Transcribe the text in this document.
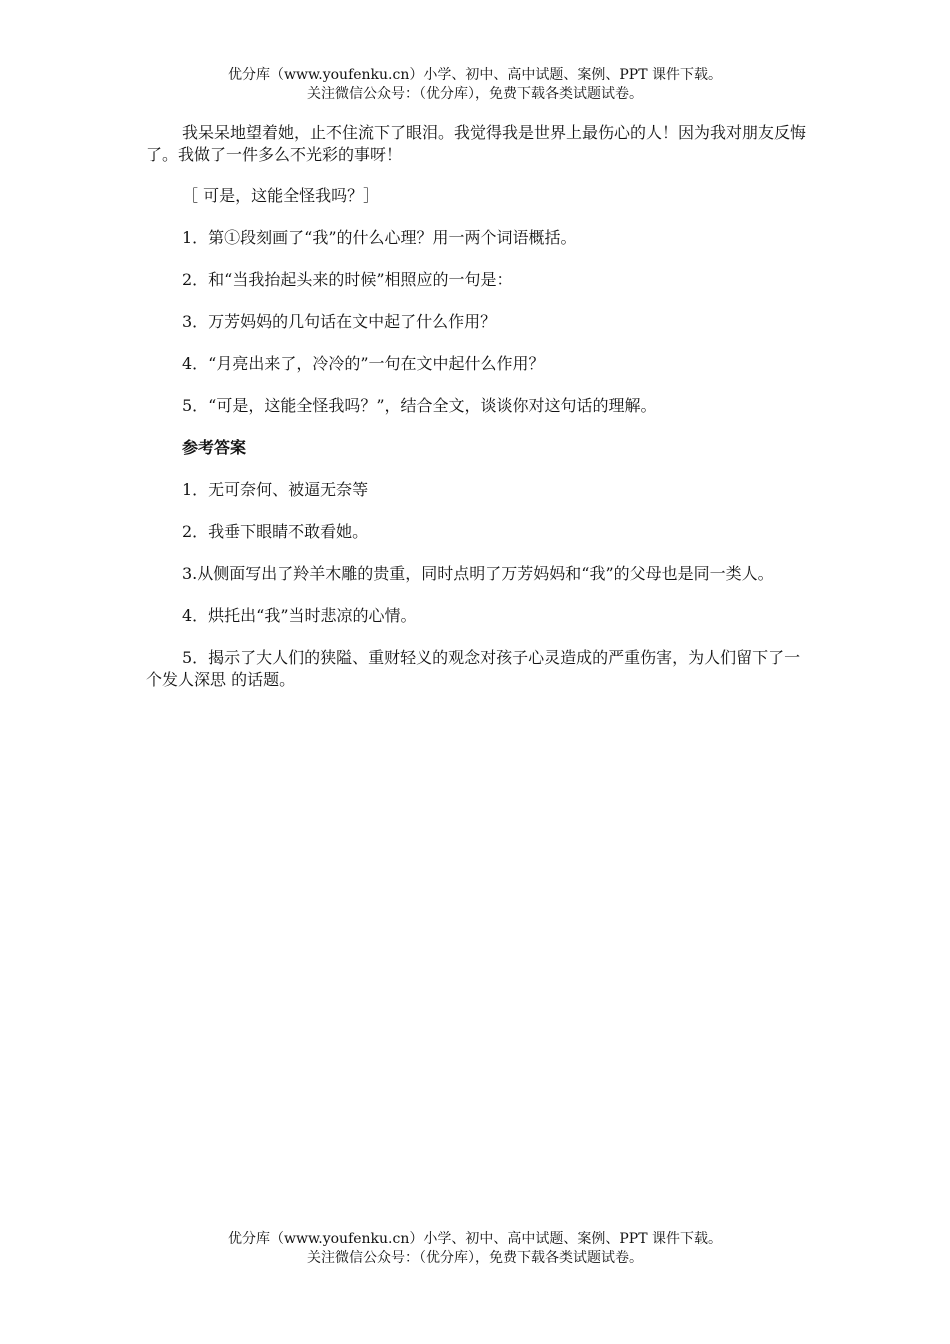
优分库（www.youfenku.cn）小学、初中、高中试题、案例、PPT 课件下载。
关注微信公众号：（优分库），免费下载各类试题试卷。

我呆呆地望着她，止不住流下了眼泪。我觉得我是世界上最伤心的人！因为我对朋友反悔了。我做了一件多么不光彩的事呀！

［ 可是，这能全怪我吗？］

1．第①段刻画了“我”的什么心理？用一两个词语概括。

2．和“当我抬起头来的时候”相照应的一句是：

3．万芳妈妈的几句话在文中起了什么作用？

4．“月亮出来了，冷冷的”一句在文中起什么作用？

5．“可是，这能全怪我吗？”，结合全文，谈谈你对这句话的理解。

参考答案

1．无可奈何、被逼无奈等

2．我垂下眼睛不敢看她。

3.从侧面写出了羚羊木雕的贵重，同时点明了万芳妈妈和“我”的父母也是同一类人。

4．烘托出“我”当时悲凉的心情。

5．揭示了大人们的狭隘、重财轻义的观念对孩子心灵造成的严重伤害，为人们留下了一个发人深思 的话题。

优分库（www.youfenku.cn）小学、初中、高中试题、案例、PPT 课件下载。
关注微信公众号：（优分库），免费下载各类试题试卷。
